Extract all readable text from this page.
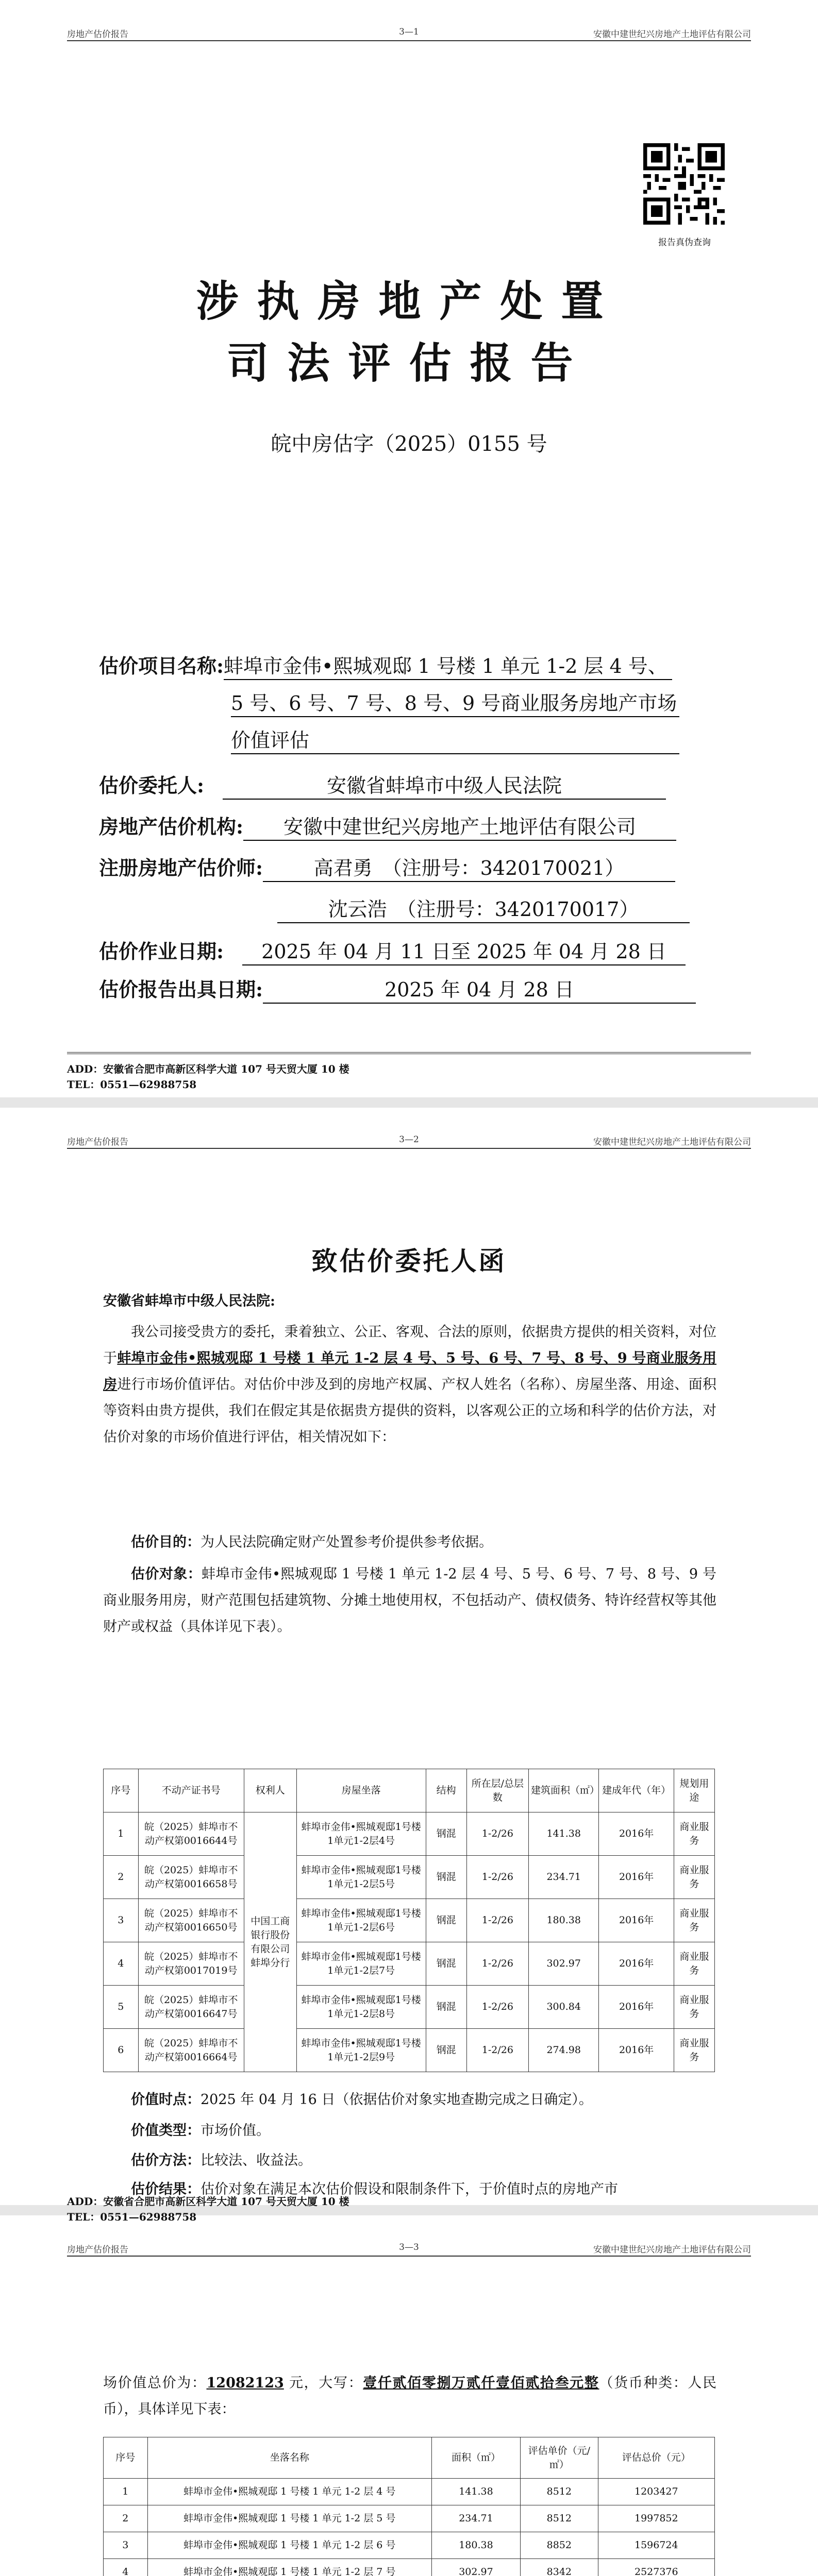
房地产估价报告	3—1	安徽中建世纪兴房地产土地评估有限公司
报告真伪查询
涉执房地产处置
司法评估报告
皖中房估字（2025）0155 号
估价项目名称:蚌埠市金伟•熙城观邸 1 号楼 1 单元 1-2 层 4 号、
5 号、6 号、7 号、8 号、9 号商业服务房地产市场
价值评估
估价委托人:	安徽省蚌埠市中级人民法院
房地产估价机构: 安徽中建世纪兴房地产土地评估有限公司
注册房地产估价师:	高君勇　（注册号：3420170021）
沈云浩　（注册号：3420170017）
估价作业日期: 2025 年 04 月 11 日至 2025 年 04 月 28 日
估价报告出具日期:	2025 年 04 月 28 日
ADD：安徽省合肥市高新区科学大道 107 号天贸大厦 10 楼
TEL：0551—62988758
房地产估价报告	3—2	安徽中建世纪兴房地产土地评估有限公司
致估价委托人函
安徽省蚌埠市中级人民法院:
我公司接受贵方的委托，秉着独立、公正、客观、合法的原则，依据贵方提供的相关资料，对位于蚌埠市金伟•熙城观邸 1 号楼 1 单元 1-2 层 4 号、5 号、6 号、7 号、8 号、9 号商业服务用房进行市场价值评估。对估价中涉及到的房地产权属、产权人姓名（名称）、房屋坐落、用途、面积等资料由贵方提供，我们在假定其是依据贵方提供的资料，以客观公正的立场和科学的估价方法，对估价对象的市场价值进行评估，相关情况如下：
估价目的：为人民法院确定财产处置参考价提供参考依据。
估价对象：蚌埠市金伟•熙城观邸 1 号楼 1 单元 1-2 层 4 号、5 号、6 号、7 号、8 号、9 号商业服务用房，财产范围包括建筑物、分摊土地使用权，不包括动产、债权债务、特许经营权等其他财产或权益（具体详见下表）。
序号	不动产证书号	权利人	房屋坐落	结构	所在层/总层数	建筑面积（㎡）	建成年代（年）	规划用途
1	皖（2025）蚌埠市不动产权第0016644号	中国工商银行股份有限公司蚌埠分行	蚌埠市金伟•熙城观邸1号楼1单元1-2层4号	钢混	1-2/26	141.38	2016年	商业服务
2	皖（2025）蚌埠市不动产权第0016658号		蚌埠市金伟•熙城观邸1号楼1单元1-2层5号	钢混	1-2/26	234.71	2016年	商业服务
3	皖（2025）蚌埠市不动产权第0016650号		蚌埠市金伟•熙城观邸1号楼1单元1-2层6号	钢混	1-2/26	180.38	2016年	商业服务
4	皖（2025）蚌埠市不动产权第0017019号		蚌埠市金伟•熙城观邸1号楼1单元1-2层7号	钢混	1-2/26	302.97	2016年	商业服务
5	皖（2025）蚌埠市不动产权第0016647号		蚌埠市金伟•熙城观邸1号楼1单元1-2层8号	钢混	1-2/26	300.84	2016年	商业服务
6	皖（2025）蚌埠市不动产权第0016664号		蚌埠市金伟•熙城观邸1号楼1单元1-2层9号	钢混	1-2/26	274.98	2016年	商业服务
价值时点：2025 年 04 月 16 日（依据估价对象实地查勘完成之日确定）。
价值类型：市场价值。
估价方法：比较法、收益法。
估价结果：估价对象在满足本次估价假设和限制条件下，于价值时点的房地产市
ADD：安徽省合肥市高新区科学大道 107 号天贸大厦 10 楼
TEL：0551—62988758
房地产估价报告	3—3	安徽中建世纪兴房地产土地评估有限公司
场价值总价为：12082123 元，大写：壹仟贰佰零捌万贰仟壹佰贰拾叁元整（货币种类：人民币），具体详见下表：
序号	坐落名称	面积（㎡）	评估单价（元/㎡）	评估总价（元）
1	蚌埠市金伟•熙城观邸 1 号楼 1 单元 1-2 层 4 号	141.38	8512	1203427
2	蚌埠市金伟•熙城观邸 1 号楼 1 单元 1-2 层 5 号	234.71	8512	1997852
3	蚌埠市金伟•熙城观邸 1 号楼 1 单元 1-2 层 6 号	180.38	8852	1596724
4	蚌埠市金伟•熙城观邸 1 号楼 1 单元 1-2 层 7 号	302.97	8342	2527376
